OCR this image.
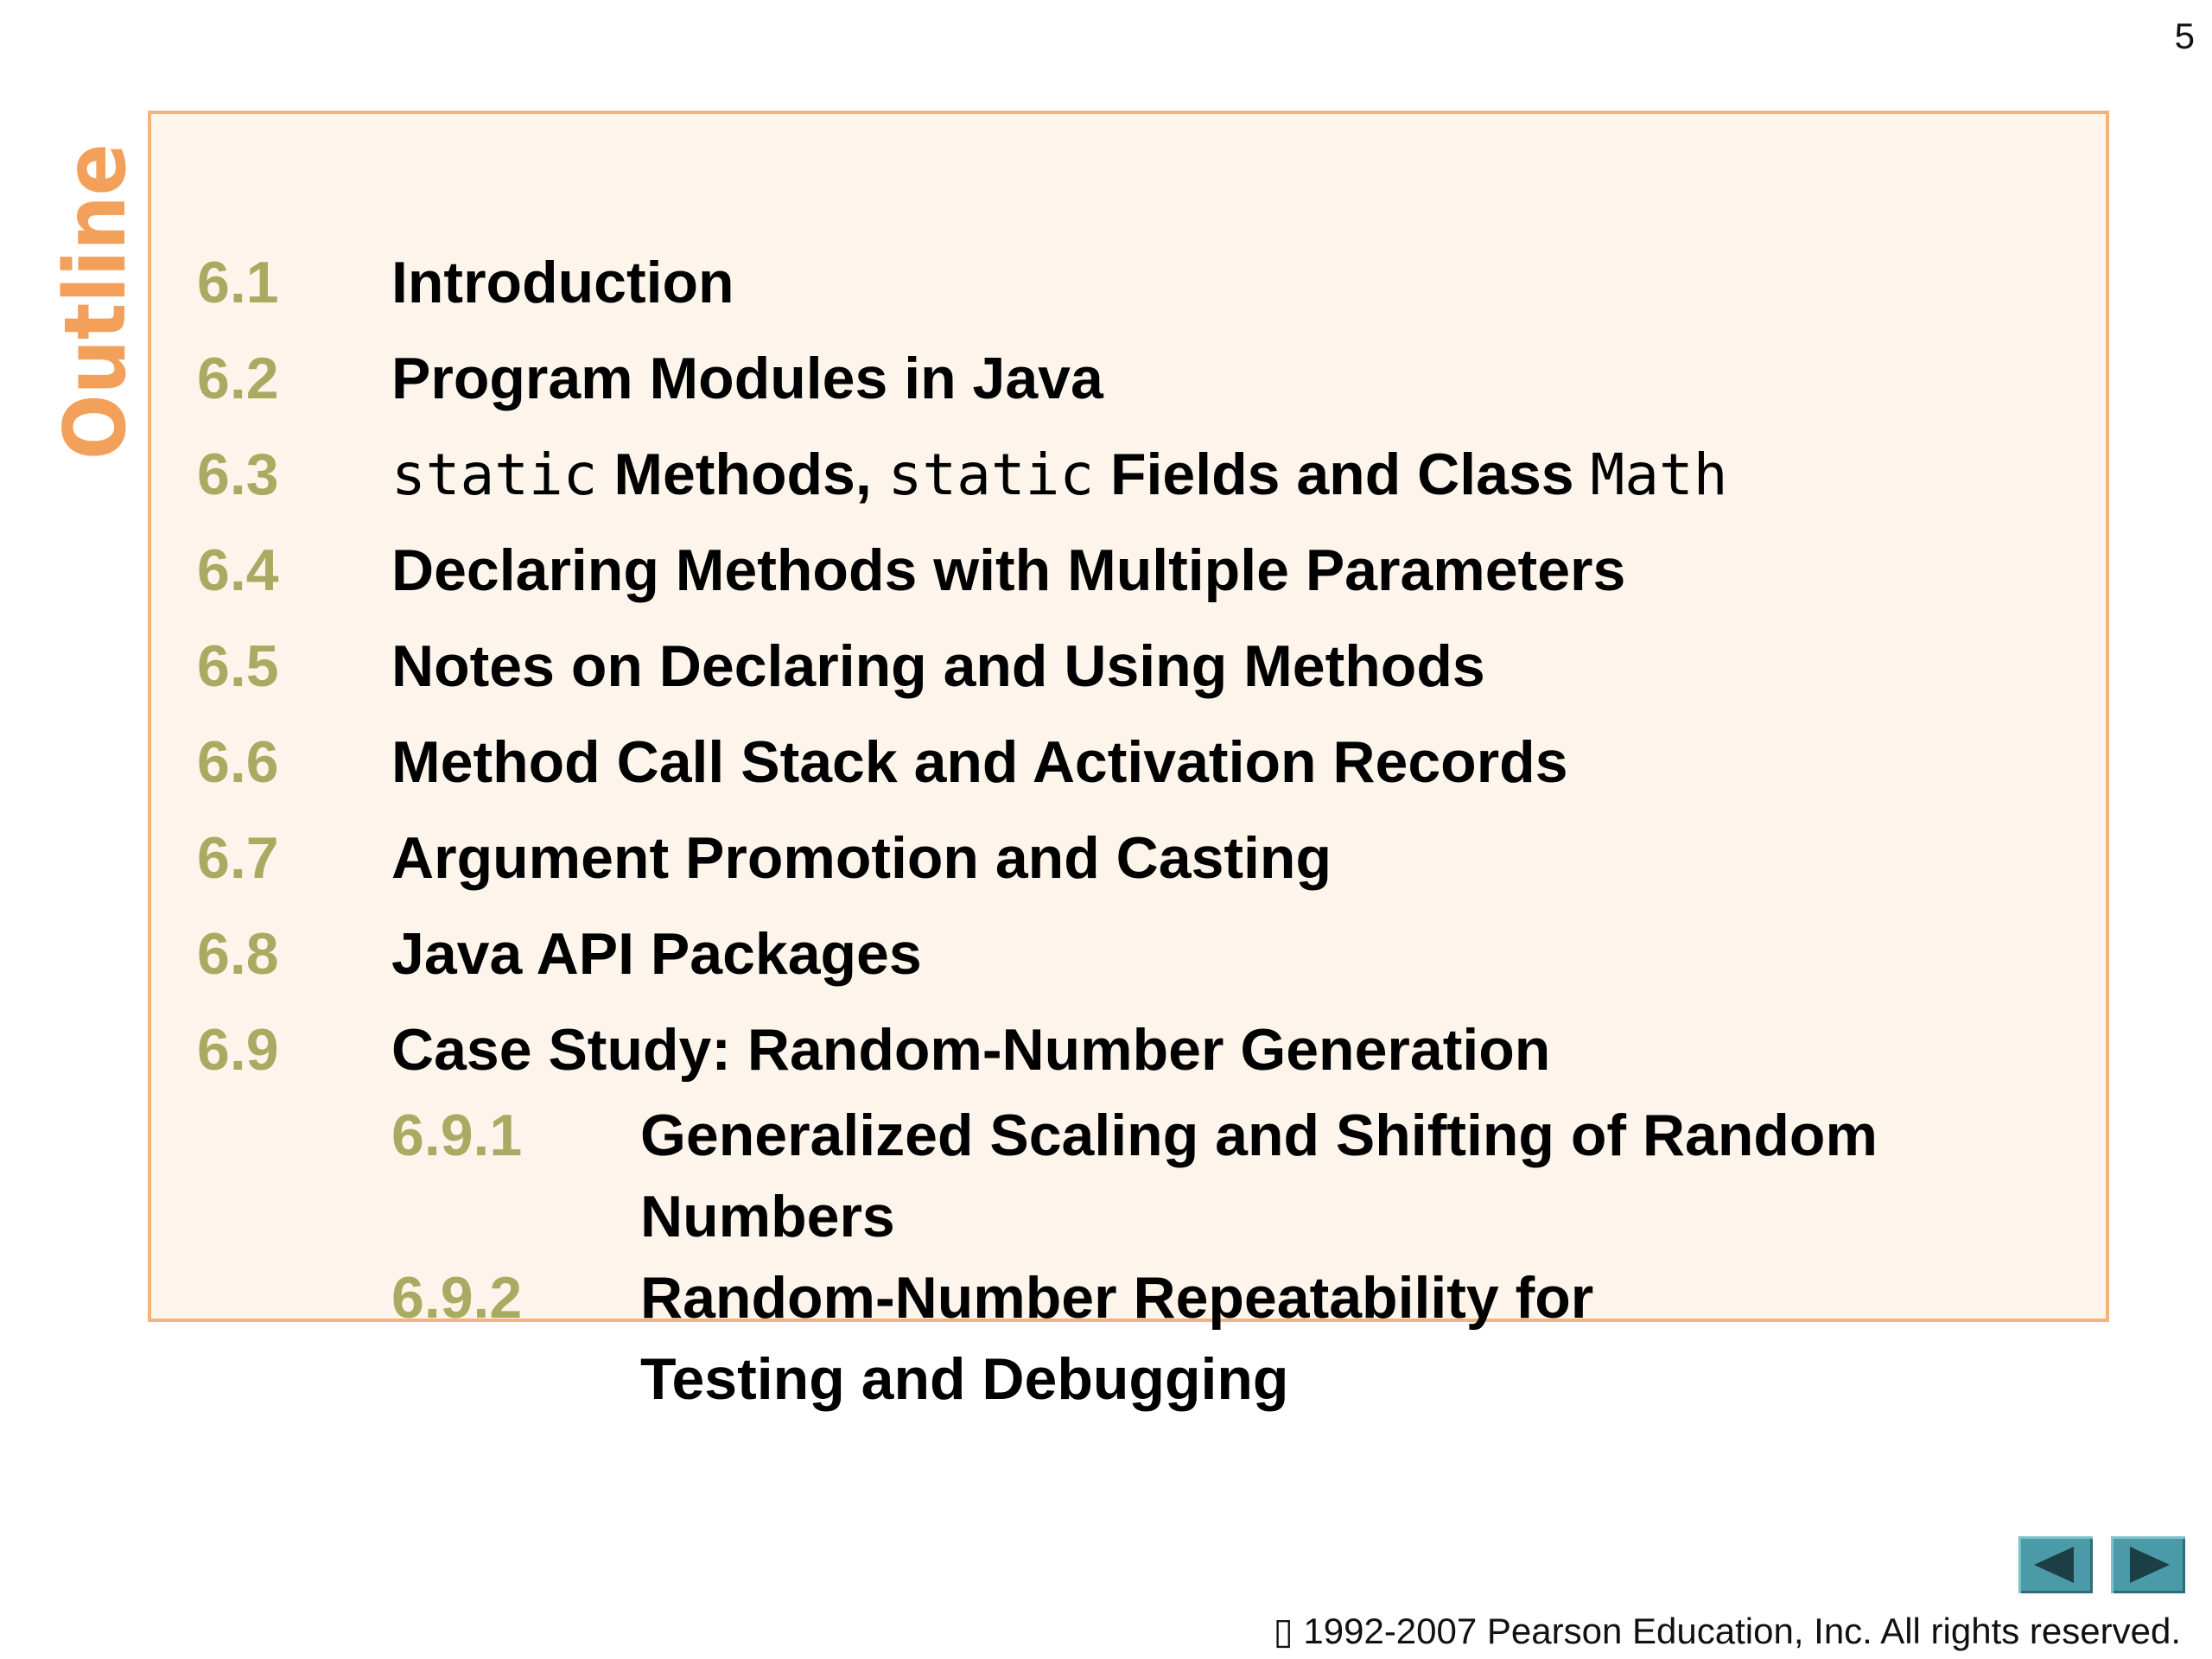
5
Outline 6.1 Introduction
6.2 Program Modules in Java
6.3 static Methods, static Fields and Class Math
6.4 Declaring Methods with Multiple Parameters
6.5 Notes on Declaring and Using Methods
6.6 Method Call Stack and Activation Records
6.7 Argument Promotion and Casting
6.8 Java API Packages
6.9 Case Study: Random-Number Generation
6.9.1 Generalized Scaling and Shifting of Random
Numbers
6.9.2 Random-Number Repeatability for
Testing and Debugging
▯ 1992-2007 Pearson Education, Inc. All rights reserved.
